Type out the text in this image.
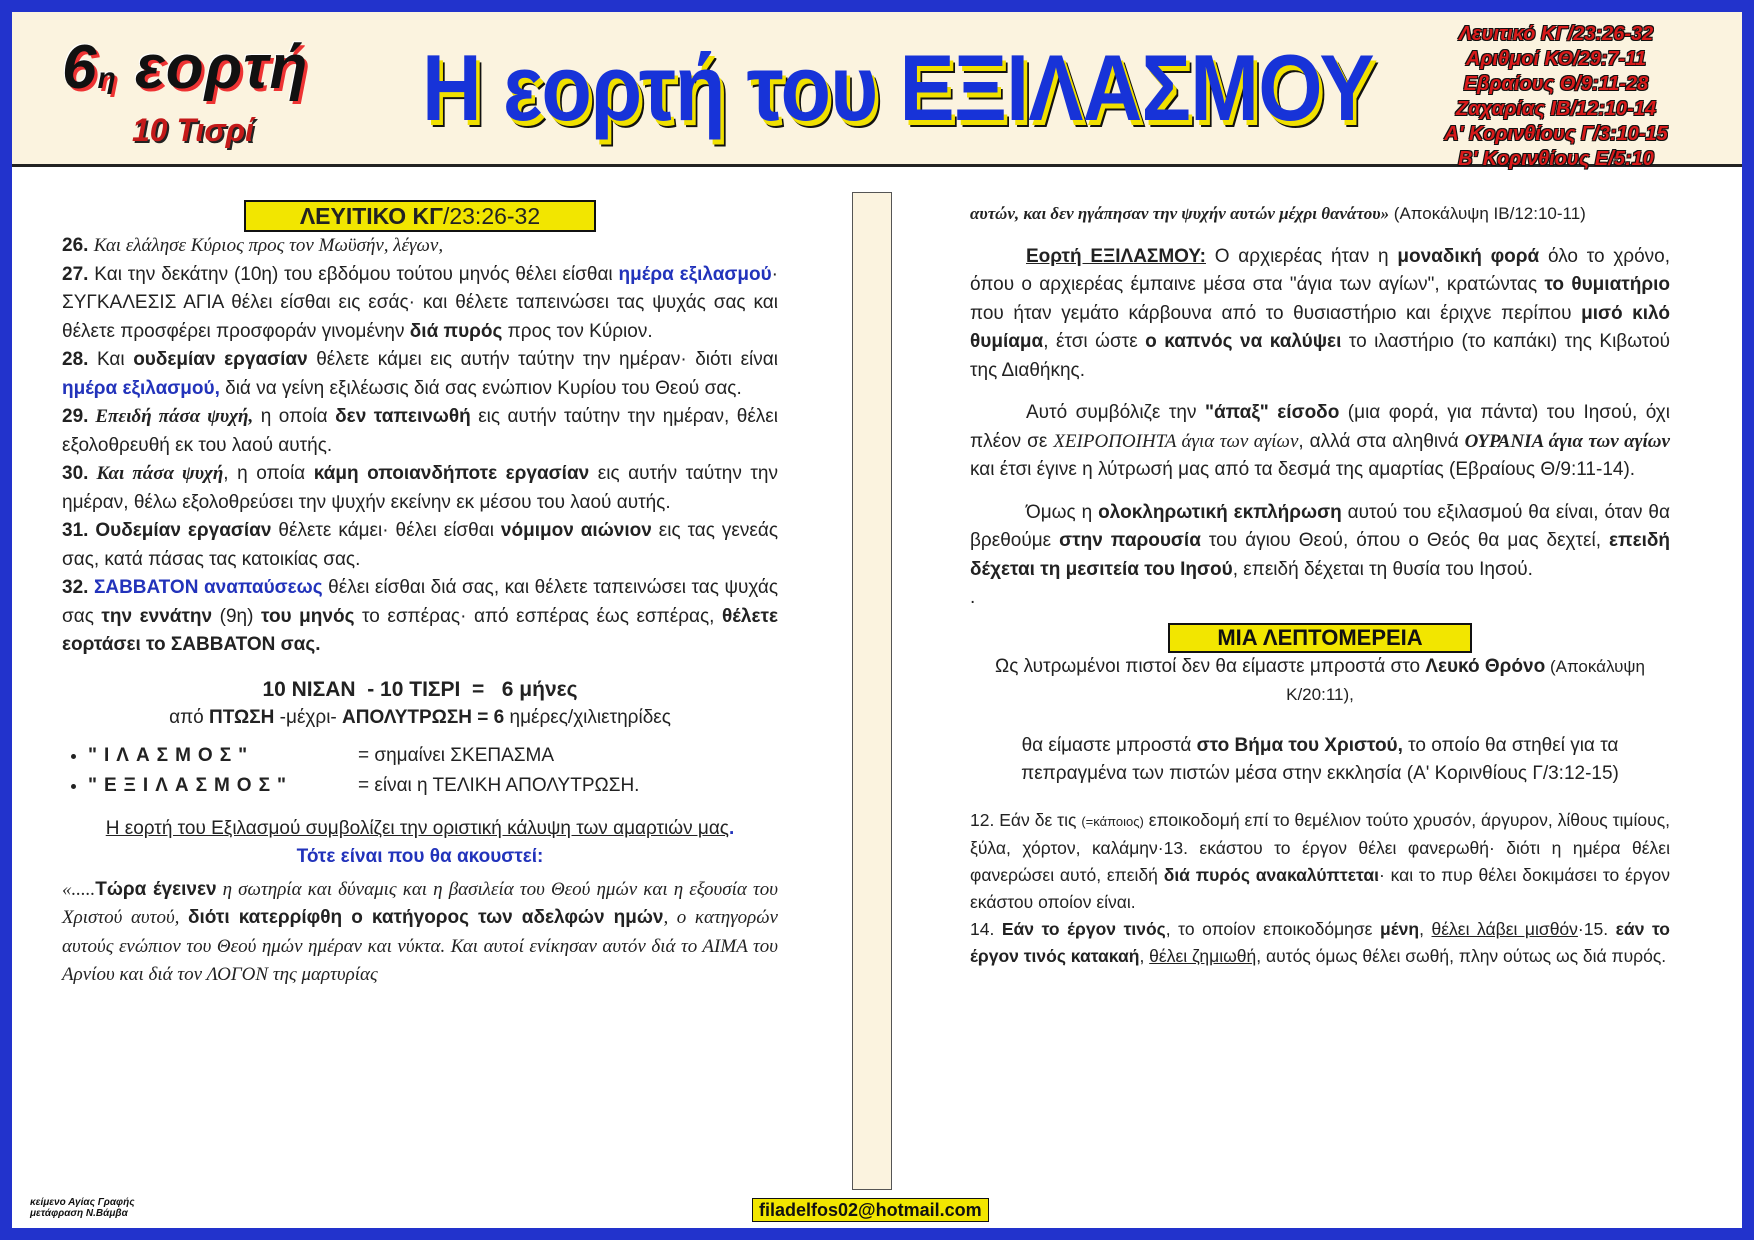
6η εορτή
10 Τισρί Η εορτή του ΕΞΙΛΑΣΜΟΥ
Λευιτικό ΚΓ/23:26-32
Αριθμοί ΚΘ/29:7-11
Εβραίους Θ/9:11-28
Ζαχαρίας ΙΒ/12:10-14
Α' Κορινθίους Γ/3:10-15
Β' Κορινθίους Ε/5:10
ΛΕΥΙΤΙΚΟ ΚΓ/23:26-32

26. Και ελάλησε Κύριος προς τον Μωϋσήν, λέγων,

27. Και την δεκάτην (10η) του εβδόμου τούτου μηνός θέλει είσθαι ημέρα εξιλασμού· ΣΥΓΚΑΛΕΣΙΣ ΑΓΙΑ θέλει είσθαι εις εσάς· και θέλετε ταπεινώσει τας ψυχάς σας και θέλετε προσφέρει προσφοράν γινομένην διά πυρός προς τον Κύριον.

28. Και ουδεμίαν εργασίαν θέλετε κάμει εις αυτήν ταύτην την ημέραν· διότι είναι ημέρα εξιλασμού, διά να γείνη εξιλέωσις διά σας ενώπιον Κυρίου του Θεού σας.

29. Επειδή πάσα ψυχή, η οποία δεν ταπεινωθή εις αυτήν ταύτην την ημέραν, θέλει εξολοθρευθή εκ του λαού αυτής.

30. Και πάσα ψυχή, η οποία κάμη οποιανδήποτε εργασίαν εις αυτήν ταύτην την ημέραν, θέλω εξολοθρεύσει την ψυχήν εκείνην εκ μέσου του λαού αυτής.

31. Ουδεμίαν εργασίαν θέλετε κάμει· θέλει είσθαι νόμιμον αιώνιον εις τας γενεάς σας, κατά πάσας τας κατοικίας σας.

32. ΣΑΒΒΑΤΟΝ αναπαύσεως θέλει είσθαι διά σας, και θέλετε ταπεινώσει τας ψυχάς σας την εννάτην (9η) του μηνός το εσπέρας· από εσπέρας έως εσπέρας, θέλετε εορτάσει το ΣΑΒΒΑΤΟΝ σας.

10 ΝΙΣΑΝ  - 10 ΤΙΣΡΙ  =   6 μήνες

από ΠΤΩΣΗ -μέχρι- ΑΠΟΛΥΤΡΩΣΗ = 6 ημέρες/χιλιετηρίδες

• "ΙΛΑΣΜΟΣ"	= σημαίνει ΣΚΕΠΑΣΜΑ
• "ΕΞΙΛΑΣΜΟΣ"	= είναι η ΤΕΛΙΚΗ ΑΠΟΛΥΤΡΩΣΗ.

Η εορτή του Εξιλασμού συμβολίζει την οριστική κάλυψη των αμαρτιών μας. Τότε είναι που θα ακουστεί:

«.....Τώρα έγεινεν η σωτηρία και δύναμις και η βασιλεία του Θεού ημών και η εξουσία του Χριστού αυτού, διότι κατερρίφθη ο κατήγορος των αδελφών ημών, ο κατηγορών αυτούς ενώπιον του Θεού ημών ημέραν και νύκτα. Και αυτοί ενίκησαν αυτόν διά το ΑΙΜΑ του Αρνίου και διά τον ΛΟΓΟΝ της μαρτυρίας

αυτών, και δεν ηγάπησαν την ψυχήν αυτών μέχρι θανάτου» (Αποκάλυψη ΙΒ/12:10-11)

Εορτή ΕΞΙΛΑΣΜΟΥ: Ο αρχιερέας ήταν η μοναδική φορά όλο το χρόνο, όπου ο αρχιερέας έμπαινε μέσα στα "άγια των αγίων", κρατώντας το θυμιατήριο που ήταν γεμάτο κάρβουνα από το θυσιαστήριο και έριχνε περίπου μισό κιλό θυμίαμα, έτσι ώστε ο καπνός να καλύψει το ιλαστήριο (το καπάκι) της Κιβωτού της Διαθήκης.

Αυτό συμβόλιζε την "άπαξ" είσοδο (μια φορά, για πάντα) του Ιησού, όχι πλέον σε ΧΕΙΡΟΠΟΙΗΤΑ άγια των αγίων, αλλά στα αληθινά ΟΥΡΑΝΙΑ άγια των αγίων και έτσι έγινε η λύτρωσή μας από τα δεσμά της αμαρτίας (Εβραίους Θ/9:11-14).

Όμως η ολοκληρωτική εκπλήρωση αυτού του εξιλασμού θα είναι, όταν θα βρεθούμε στην παρουσία του άγιου Θεού, όπου ο Θεός θα μας δεχτεί, επειδή δέχεται τη μεσιτεία του Ιησού, επειδή δέχεται τη θυσία του Ιησού.

.

ΜΙΑ ΛΕΠΤΟΜΕΡΕΙΑ

Ως λυτρωμένοι πιστοί δεν θα είμαστε μπροστά στο Λευκό Θρόνο (Αποκάλυψη Κ/20:11),

θα είμαστε μπροστά στο Βήμα του Χριστού, το οποίο θα στηθεί για τα πεπραγμένα των πιστών μέσα στην εκκλησία (Α' Κορινθίους Γ/3:12-15)

12. Εάν δε τις (=κάποιος) εποικοδομή επί το θεμέλιον τούτο χρυσόν, άργυρον, λίθους τιμίους, ξύλα, χόρτον, καλάμην·13. εκάστου το έργον θέλει φανερωθή· διότι η ημέρα θέλει φανερώσει αυτό, επειδή διά πυρός ανακαλύπτεται· και το πυρ θέλει δοκιμάσει το έργον εκάστου οποίον είναι.

14. Εάν το έργον τινός, το οποίον εποικοδόμησε μένη, θέλει λάβει μισθόν·15. εάν το έργον τινός κατακαή, θέλει ζημιωθή, αυτός όμως θέλει σωθή, πλην ούτως ως διά πυρός.

κείμενο Αγίας Γραφής
μετάφραση Ν.Βάμβα	filadelfos02@hotmail.com
